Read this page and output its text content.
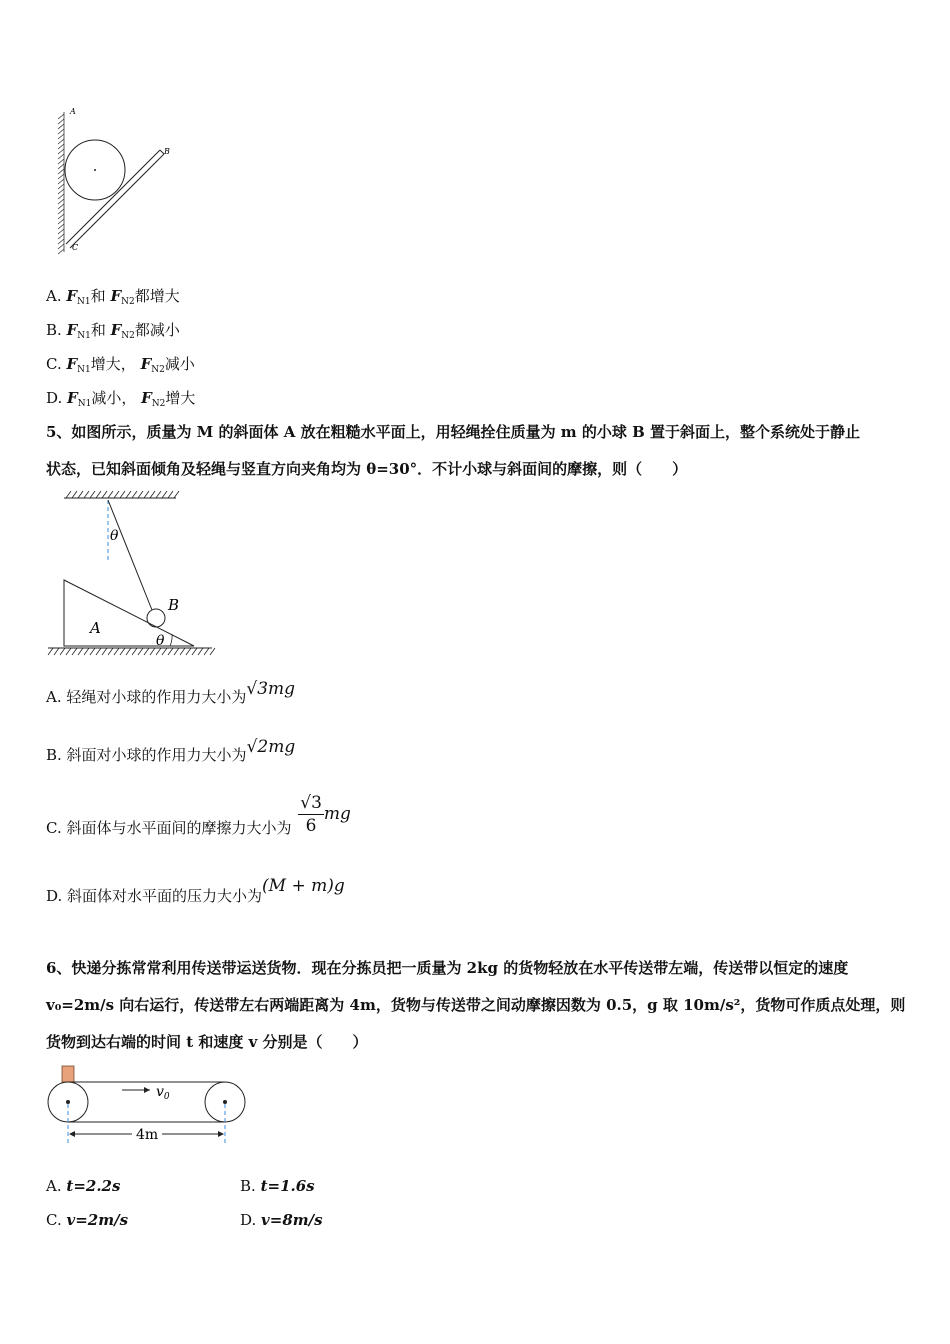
A
B
C
A. $F_{N1}$和 $F_{N2}$都增大
B. $F_{N1}$和 $F_{N2}$都减小
C. $F_{N1}$增大， $F_{N2}$减小
D. $F_{N1}$减小， $F_{N2}$增大
5、如图所示，质量为 M 的斜面体 A 放在粗糙水平面上，用轻绳拴住质量为 m 的小球 B 置于斜面上，整个系统处于静止
状态，已知斜面倾角及轻绳与竖直方向夹角均为 θ=30°．不计小球与斜面间的摩擦，则（　　）
θ
B
A
θ
A. 轻绳对小球的作用力大小为√3mg
B. 斜面对小球的作用力大小为√2mg
C. 斜面体与水平面间的摩擦力大小为 $\frac{√3}{6}$ mg
D. 斜面体对水平面的压力大小为(M + m)g
6、快递分拣常常利用传送带运送货物．现在分拣员把一质量为 2kg 的货物轻放在水平传送带左端，传送带以恒定的速度
v₀=2m/s 向右运行，传送带左右两端距离为 4m，货物与传送带之间动摩擦因数为 0.5，g 取 10m/s²，货物可作质点处理，则
货物到达右端的时间 t 和速度 v 分别是（　　）
$v_0$
4m
A. t=2.2s	B. t=1.6s
C. v=2m/s	D. v=8m/s
